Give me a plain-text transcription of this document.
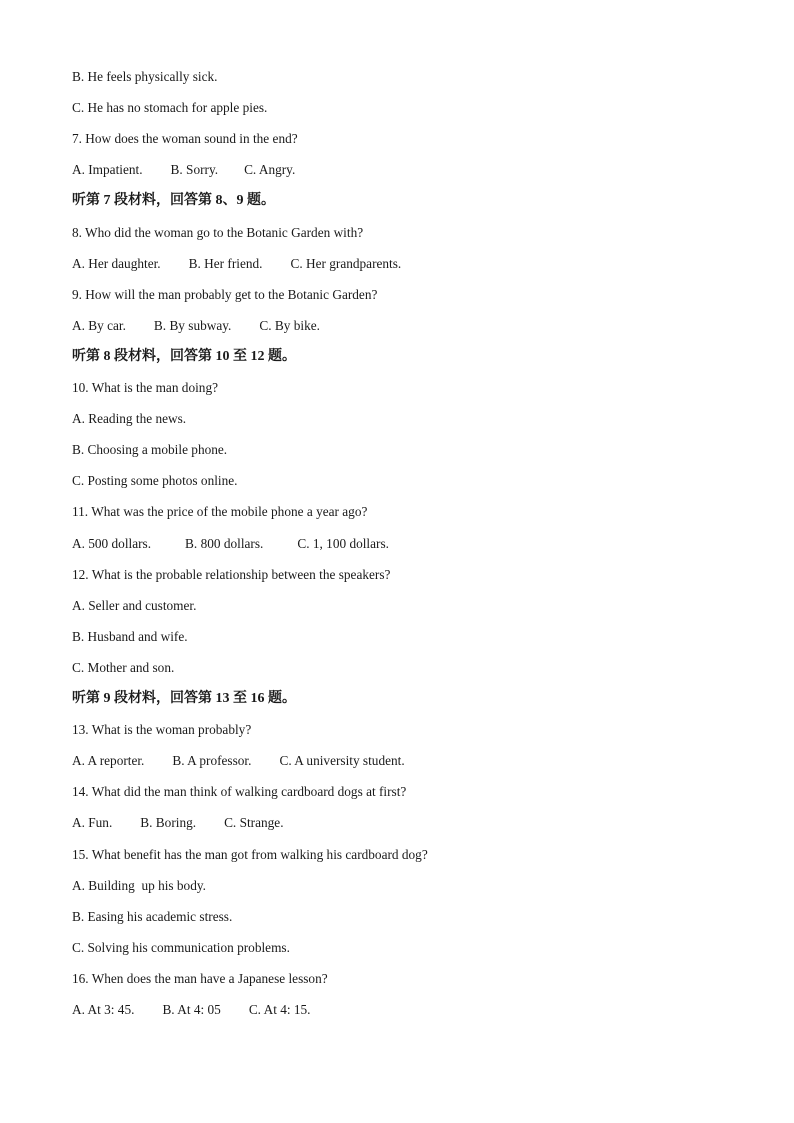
B. He feels physically sick.
C. He has no stomach for apple pies.
7. How does the woman sound in the end?
A. Impatient. B. Sorry. C. Angry.
听第 7 段材料，回答第 8、9 题。
8. Who did the woman go to the Botanic Garden with?
A. Her daughter. B. Her friend. C. Her grandparents.
9. How will the man probably get to the Botanic Garden?
A. By car. B. By subway. C. By bike.
听第 8 段材料，回答第 10 至 12 题。
10. What is the man doing?
A. Reading the news.
B. Choosing a mobile phone.
C. Posting some photos online.
11. What was the price of the mobile phone a year ago?
A. 500 dollars.	B. 800 dollars.	C. 1, 100 dollars.
12. What is the probable relationship between the speakers?
A. Seller and customer.
B. Husband and wife.
C. Mother and son.
听第 9 段材料，回答第 13 至 16 题。
13. What is the woman probably?
A. A reporter. B. A professor. C. A university student.
14. What did the man think of walking cardboard dogs at first?
A. Fun. B. Boring. C. Strange.
15. What benefit has the man got from walking his cardboard dog?
A. Building  up his body.
B. Easing his academic stress.
C. Solving his communication problems.
16. When does the man have a Japanese lesson?
A. At 3: 45. B. At 4: 05 C. At 4: 15.
